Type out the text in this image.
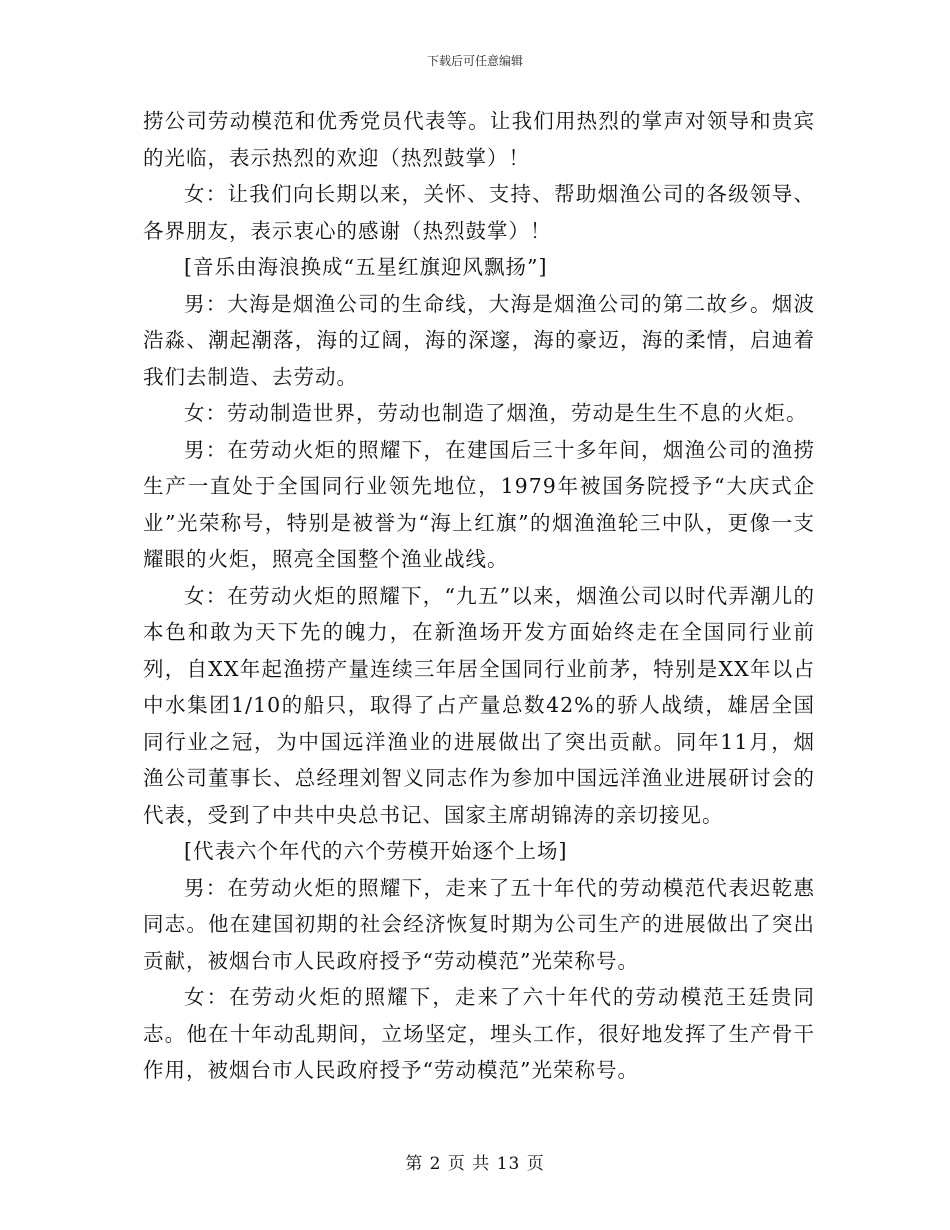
下载后可任意编辑

捞公司劳动模范和优秀党员代表等。让我们用热烈的掌声对领导和贵宾的光临，表示热烈的欢迎（热烈鼓掌）！

女：让我们向长期以来，关怀、支持、帮助烟渔公司的各级领导、各界朋友，表示衷心的感谢（热烈鼓掌）！

[音乐由海浪换成“五星红旗迎风飘扬”]

男：大海是烟渔公司的生命线，大海是烟渔公司的第二故乡。烟波浩淼、潮起潮落，海的辽阔，海的深邃，海的豪迈，海的柔情，启迪着我们去制造、去劳动。

女：劳动制造世界，劳动也制造了烟渔，劳动是生生不息的火炬。

男：在劳动火炬的照耀下，在建国后三十多年间，烟渔公司的渔捞生产一直处于全国同行业领先地位，1979年被国务院授予“大庆式企业”光荣称号，特别是被誉为“海上红旗”的烟渔渔轮三中队，更像一支耀眼的火炬，照亮全国整个渔业战线。

女：在劳动火炬的照耀下，“九五”以来，烟渔公司以时代弄潮儿的本色和敢为天下先的魄力，在新渔场开发方面始终走在全国同行业前列，自XX年起渔捞产量连续三年居全国同行业前茅，特别是XX年以占中水集团1/10的船只，取得了占产量总数42%的骄人战绩，雄居全国同行业之冠，为中国远洋渔业的进展做出了突出贡献。同年11月，烟渔公司董事长、总经理刘智义同志作为参加中国远洋渔业进展研讨会的代表，受到了中共中央总书记、国家主席胡锦涛的亲切接见。

[代表六个年代的六个劳模开始逐个上场]

男：在劳动火炬的照耀下，走来了五十年代的劳动模范代表迟乾惠同志。他在建国初期的社会经济恢复时期为公司生产的进展做出了突出贡献，被烟台市人民政府授予“劳动模范”光荣称号。

女：在劳动火炬的照耀下，走来了六十年代的劳动模范王廷贵同志。他在十年动乱期间，立场坚定，埋头工作，很好地发挥了生产骨干作用，被烟台市人民政府授予“劳动模范”光荣称号。

第 2 页 共 13 页
